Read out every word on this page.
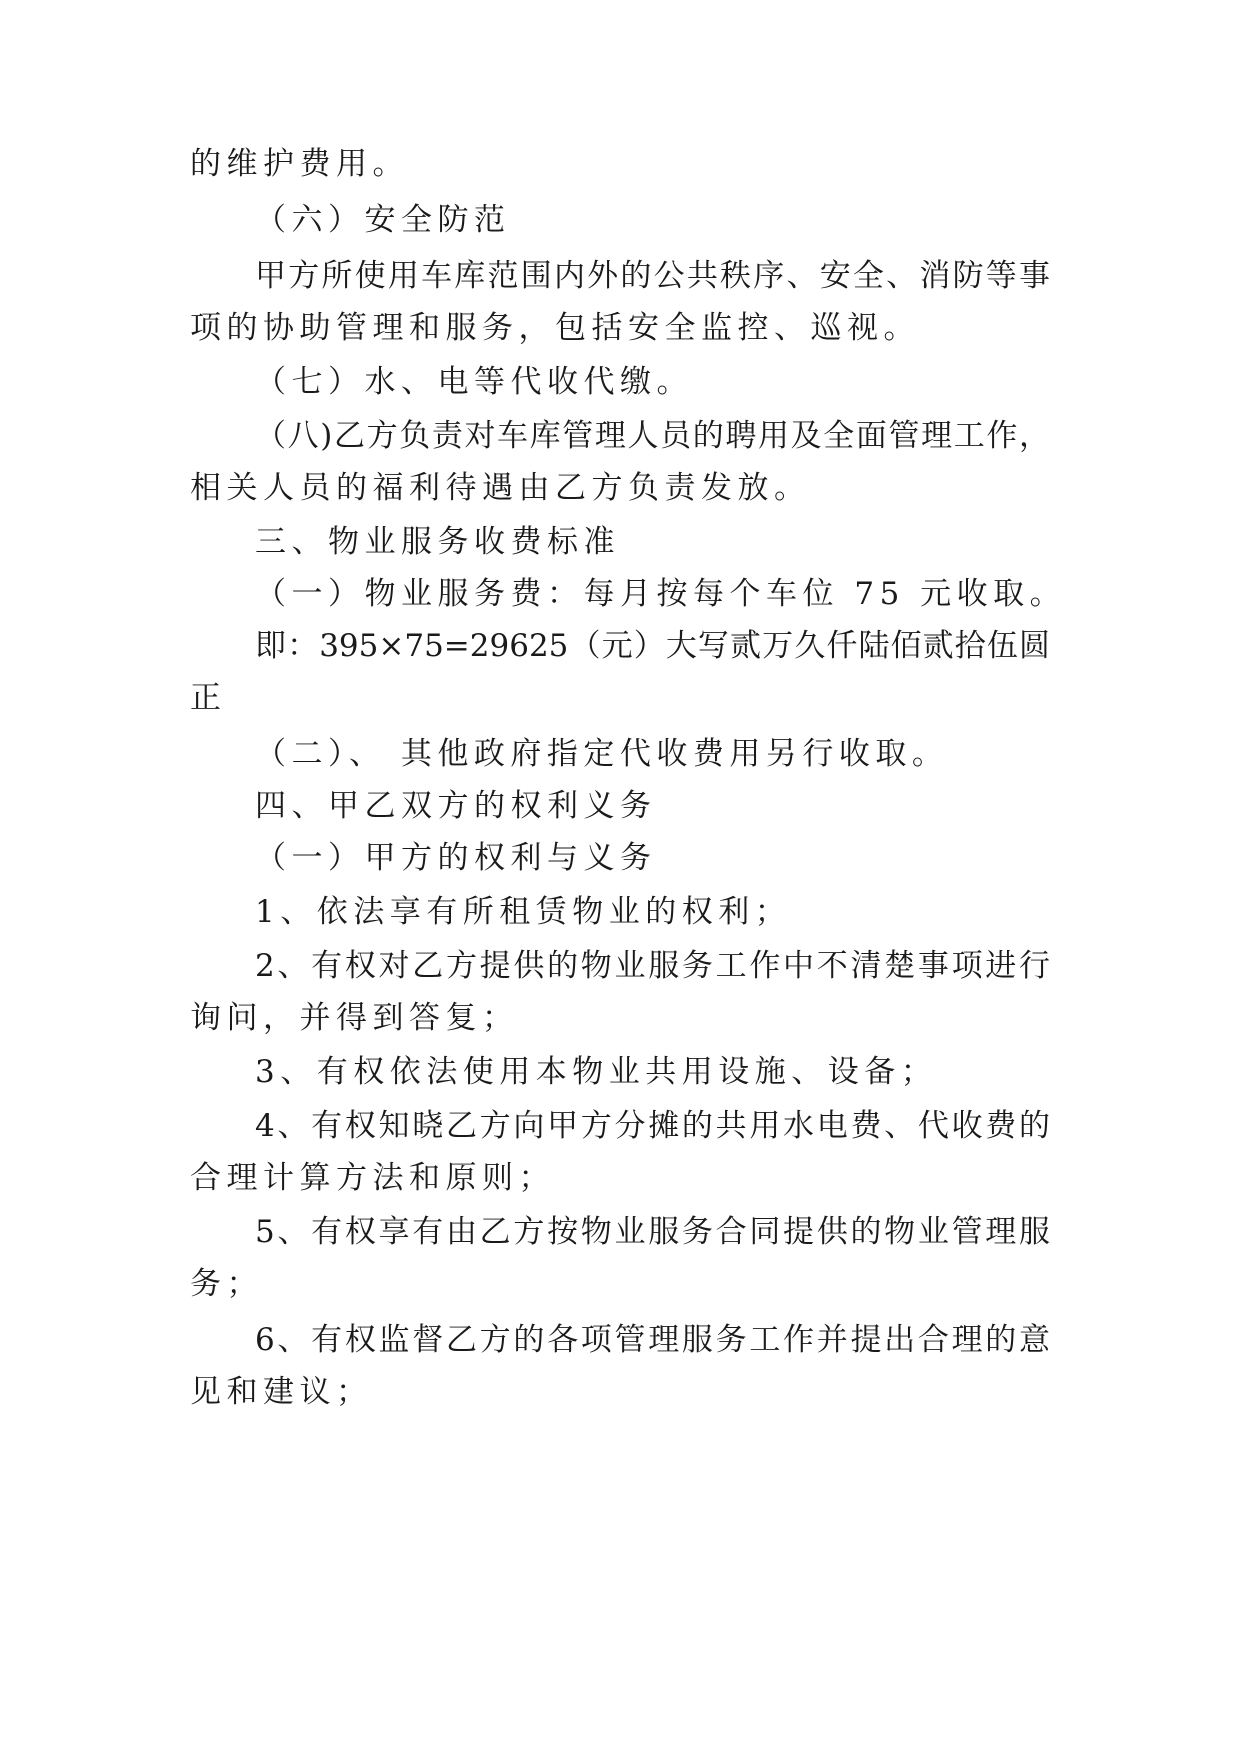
的维护费用。

（六）安全防范

甲方所使用车库范围内外的公共秩序、安全、消防等事

项的协助管理和服务，包括安全监控、巡视。

（七）水、电等代收代缴。

（八)乙方负责对车库管理人员的聘用及全面管理工作，

相关人员的福利待遇由乙方负责发放。

三、物业服务收费标准

（一）物业服务费：每月按每个车位 75 元收取。

即：395×75=29625（元）大写贰万久仟陆佰贰拾伍圆

正

（二）、 其他政府指定代收费用另行收取。

四、甲乙双方的权利义务

（一）甲方的权利与义务

1、依法享有所租赁物业的权利；

2、有权对乙方提供的物业服务工作中不清楚事项进行

询问，并得到答复；

3、有权依法使用本物业共用设施、设备；

4、有权知晓乙方向甲方分摊的共用水电费、代收费的

合理计算方法和原则；

5、有权享有由乙方按物业服务合同提供的物业管理服

务；

6、有权监督乙方的各项管理服务工作并提出合理的意

见和建议；
